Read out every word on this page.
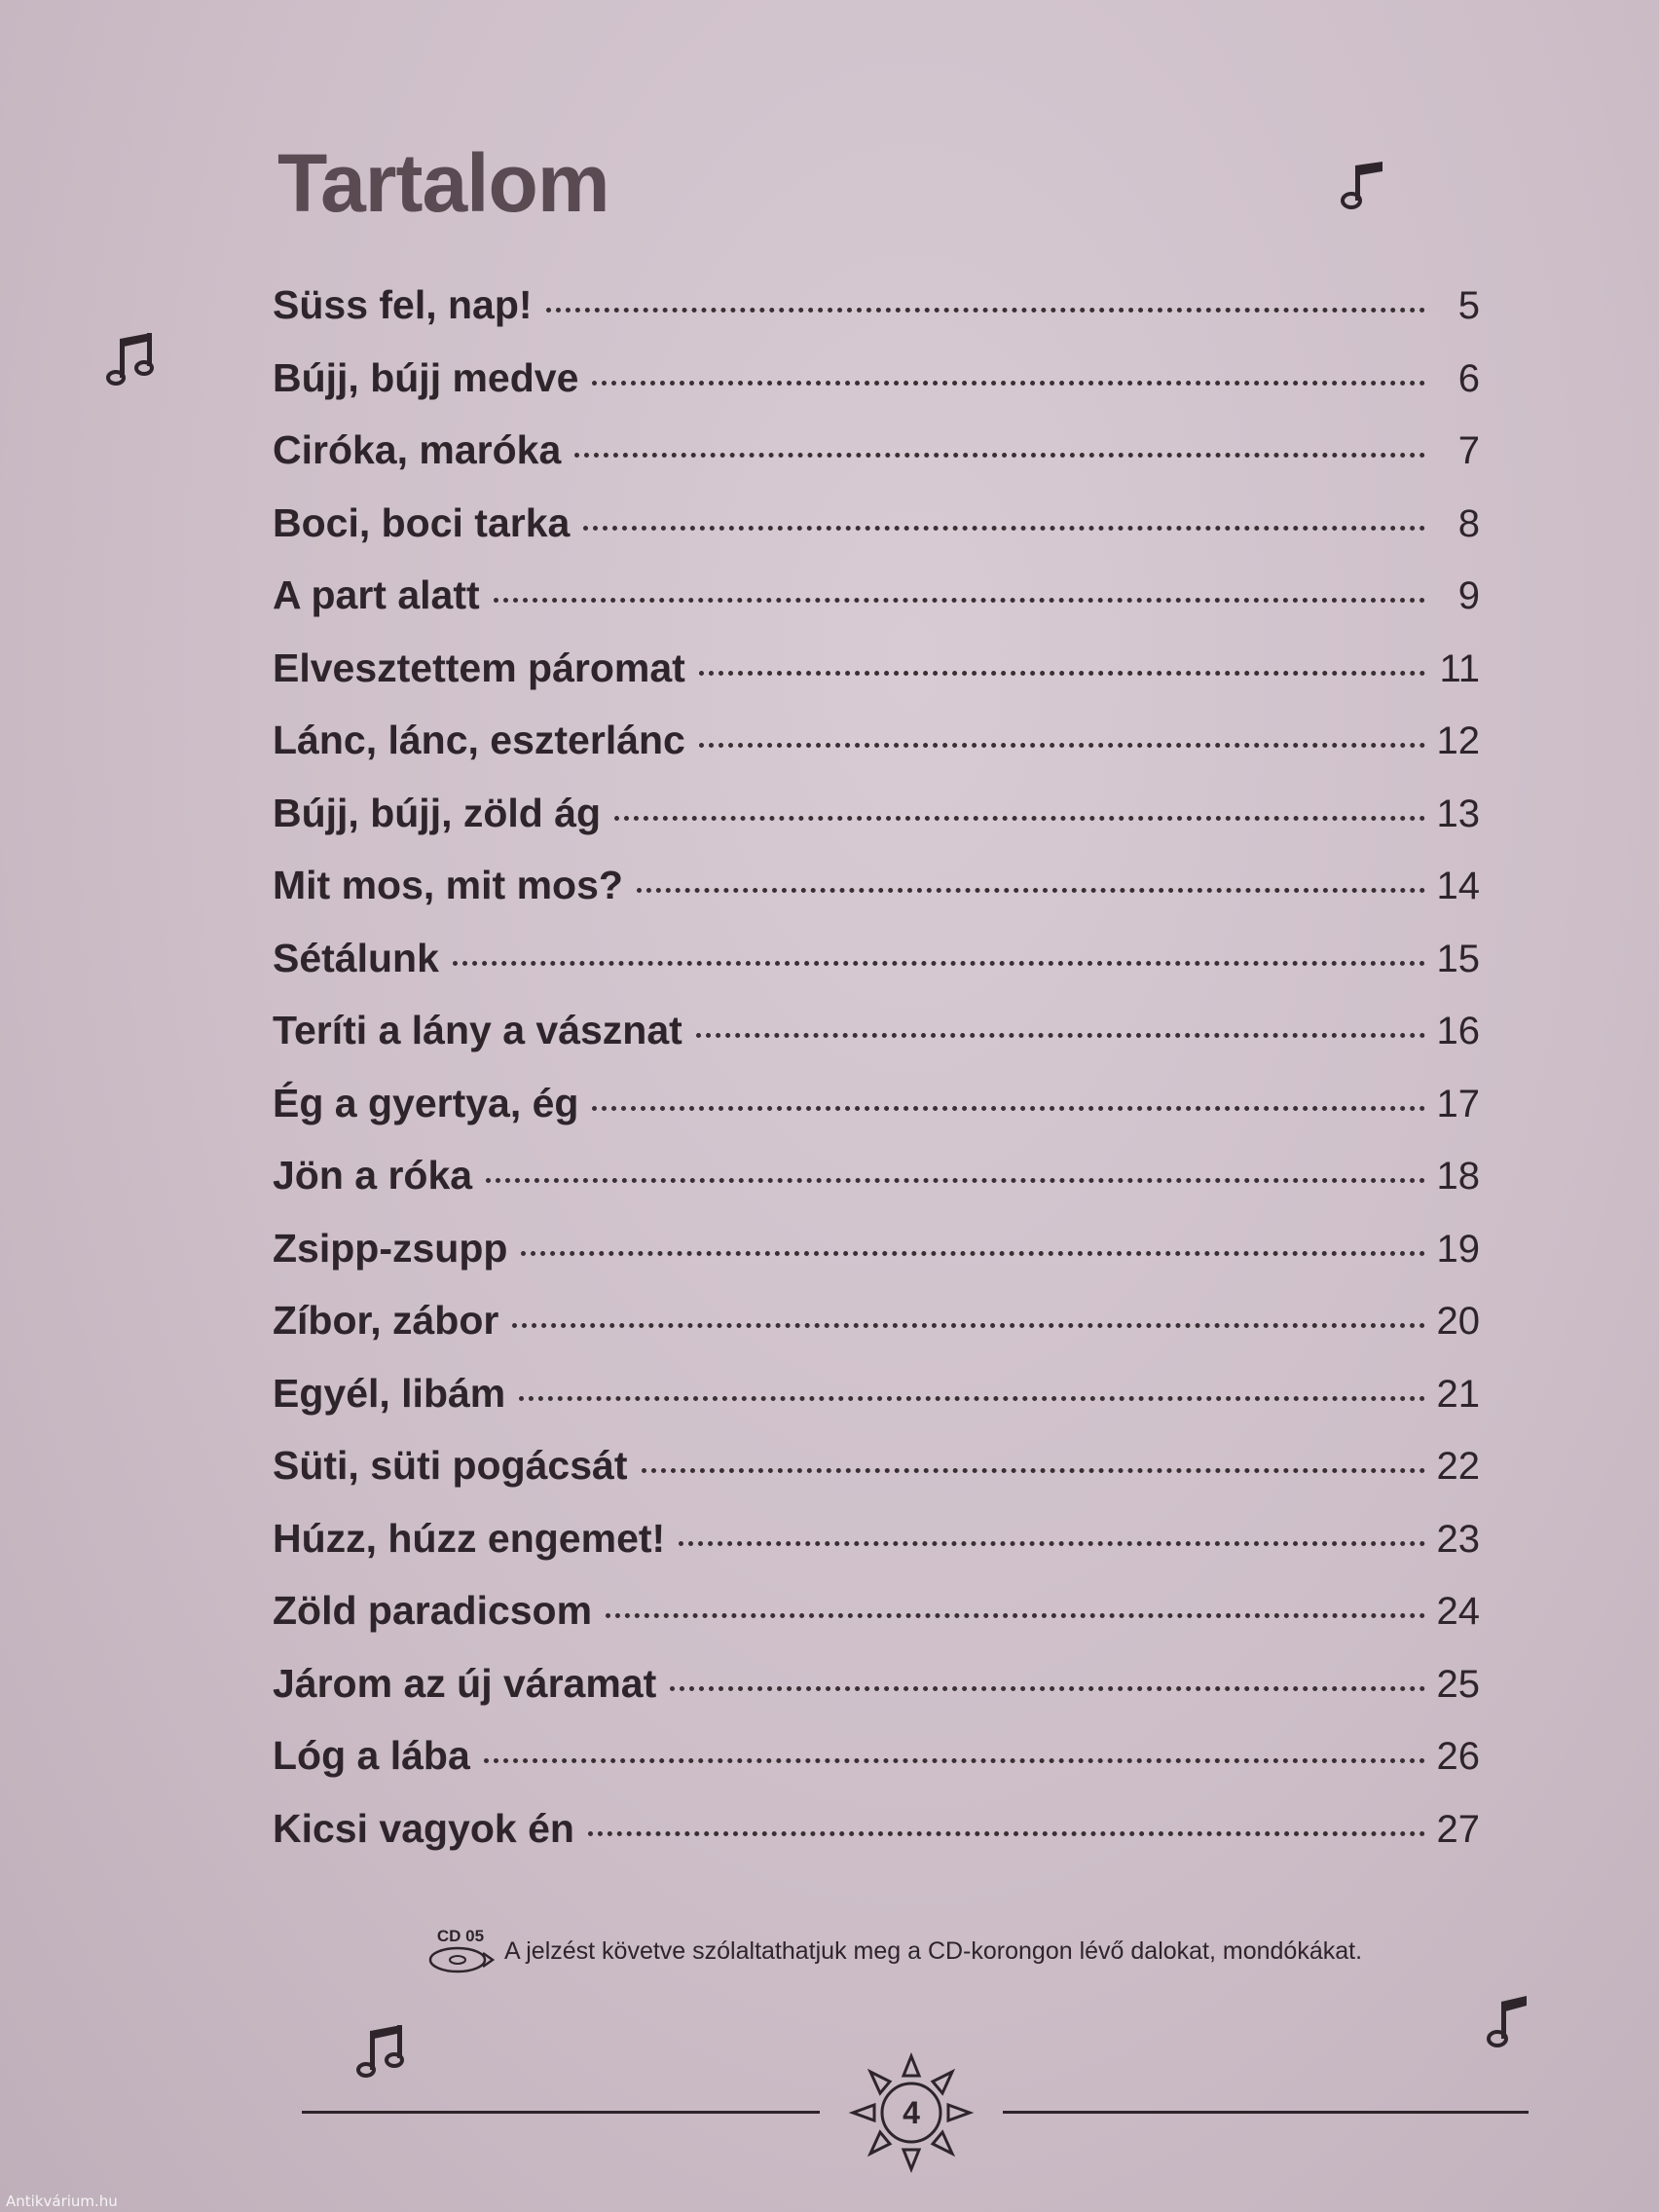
Tartalom
Süss fel, nap!	5
Bújj, bújj medve	6
Ciróka, maróka	7
Boci, boci tarka	8
A part alatt	9
Elvesztettem páromat	11
Lánc, lánc, eszterlánc	12
Bújj, bújj, zöld ág	13
Mit mos, mit mos?	14
Sétálunk	15
Teríti a lány a vásznat	16
Ég a gyertya, ég	17
Jön a róka	18
Zsipp-zsupp	19
Zíbor, zábor	20
Egyél, libám	21
Süti, süti pogácsát	22
Húzz, húzz engemet!	23
Zöld paradicsom	24
Járom az új váramat	25
Lóg a lába	26
Kicsi vagyok én	27
CD 05
A jelzést követve szólaltathatjuk meg a CD-korongon lévő dalokat, mondókákat.
4
Antikvárium.hu
